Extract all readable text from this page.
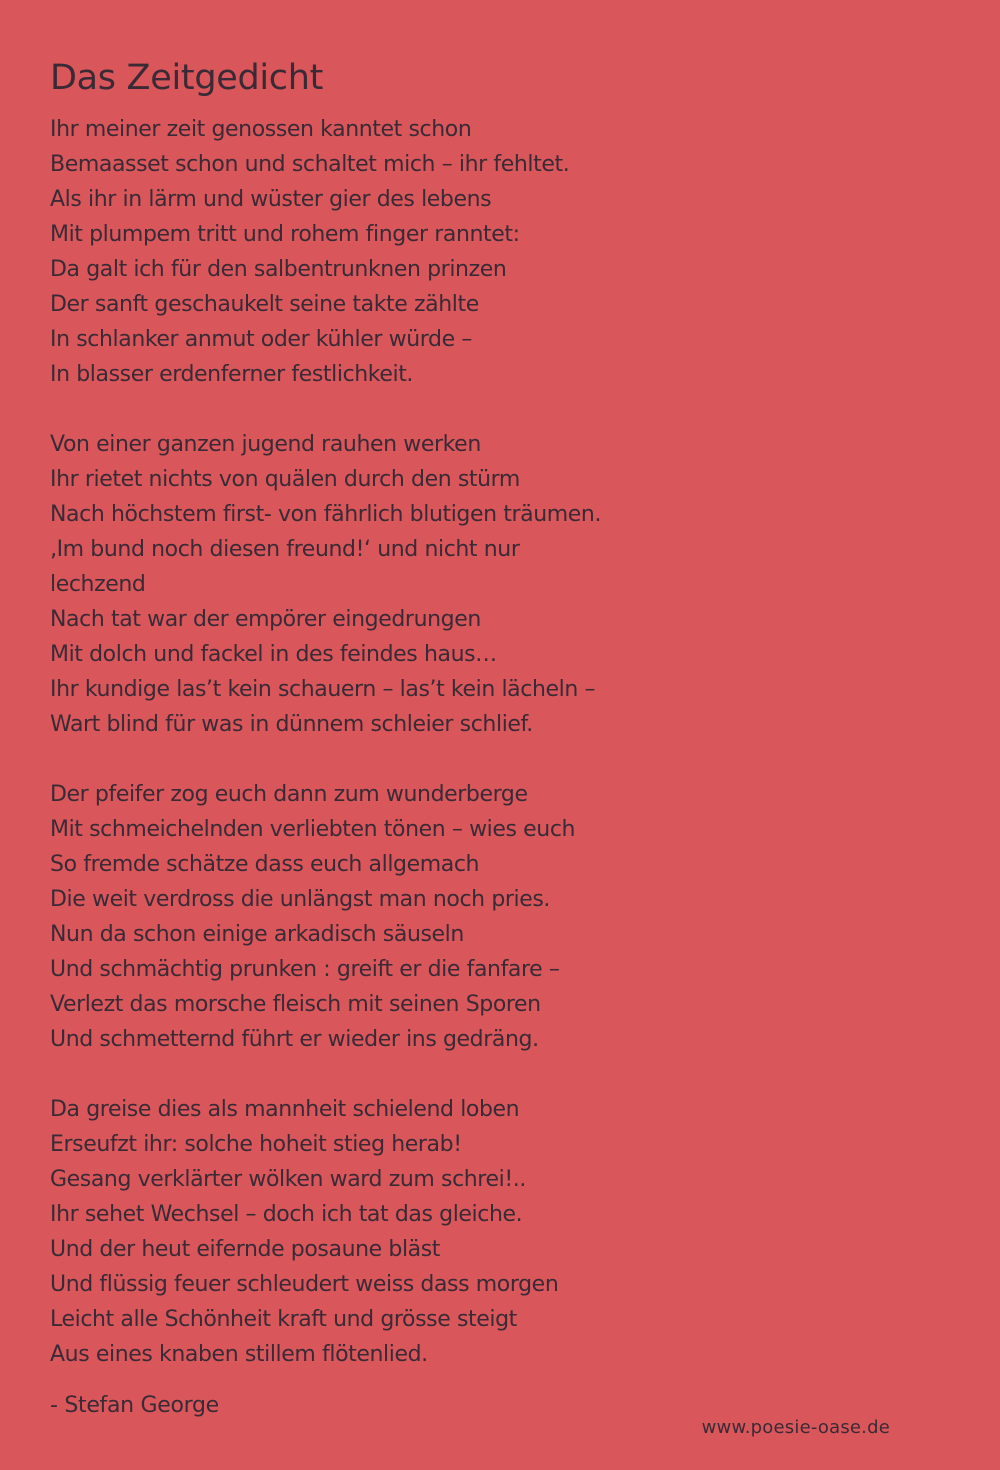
Das Zeitgedicht
Ihr meiner zeit genossen kanntet schon
Bemaasset schon und schaltet mich – ihr fehltet.
Als ihr in lärm und wüster gier des lebens
Mit plumpem tritt und rohem finger ranntet:
Da galt ich für den salbentrunknen prinzen
Der sanft geschaukelt seine takte zählte
In schlanker anmut oder kühler würde –
In blasser erdenferner festlichkeit.
Von einer ganzen jugend rauhen werken
Ihr rietet nichts von quälen durch den stürm
Nach höchstem first- von fährlich blutigen träumen.
‚Im bund noch diesen freund!‘ und nicht nur
lechzend
Nach tat war der empörer eingedrungen
Mit dolch und fackel in des feindes haus…
Ihr kundige las’t kein schauern – las’t kein lächeln –
Wart blind für was in dünnem schleier schlief.
Der pfeifer zog euch dann zum wunderberge
Mit schmeichelnden verliebten tönen – wies euch
So fremde schätze dass euch allgemach
Die weit verdross die unlängst man noch pries.
Nun da schon einige arkadisch säuseln
Und schmächtig prunken : greift er die fanfare –
Verlezt das morsche fleisch mit seinen Sporen
Und schmetternd führt er wieder ins gedräng.
Da greise dies als mannheit schielend loben
Erseufzt ihr: solche hoheit stieg herab!
Gesang verklärter wölken ward zum schrei!..
Ihr sehet Wechsel – doch ich tat das gleiche.
Und der heut eifernde posaune bläst
Und flüssig feuer schleudert weiss dass morgen
Leicht alle Schönheit kraft und grösse steigt
Aus eines knaben stillem flötenlied.
- Stefan George
www.poesie-oase.de
